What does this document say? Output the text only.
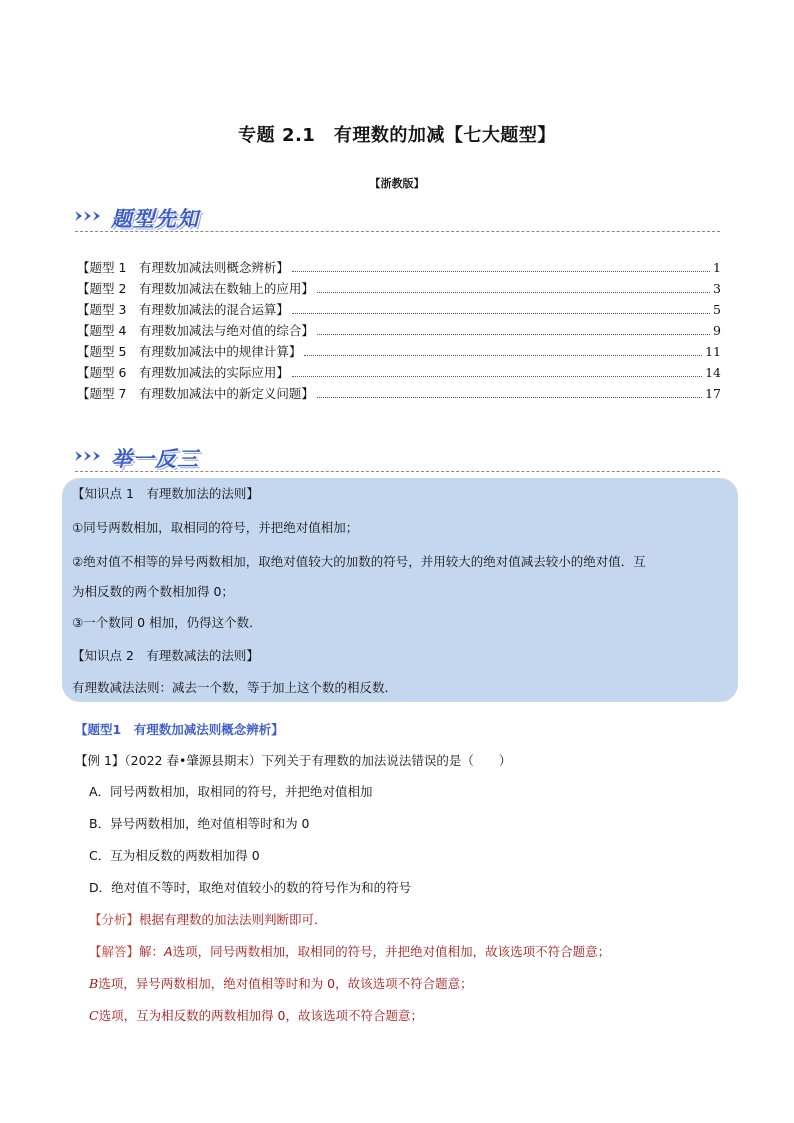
专题 2.1　有理数的加减【七大题型】
【浙教版】
题型先知
【题型 1　有理数加减法则概念辨析】	1
【题型 2　有理数加减法在数轴上的应用】	3
【题型 3　有理数加减法的混合运算】	5
【题型 4　有理数加减法与绝对值的综合】	9
【题型 5　有理数加减法中的规律计算】	11
【题型 6　有理数加减法的实际应用】	14
【题型 7　有理数加减法中的新定义问题】	17
举一反三
【知识点 1　有理数加法的法则】
①同号两数相加，取相同的符号，并把绝对值相加；
②绝对值不相等的异号两数相加，取绝对值较大的加数的符号，并用较大的绝对值减去较小的绝对值．互
为相反数的两个数相加得 0；
③一个数同 0 相加，仍得这个数．
【知识点 2　有理数减法的法则】
有理数减法法则：减去一个数，等于加上这个数的相反数．
【题型1　有理数加减法则概念辨析】
【例 1】（2022 春•肇源县期末）下列关于有理数的加法说法错误的是（　　）
A．同号两数相加，取相同的符号，并把绝对值相加
B．异号两数相加，绝对值相等时和为 0
C．互为相反数的两数相加得 0
D．绝对值不等时，取绝对值较小的数的符号作为和的符号
【分析】根据有理数的加法法则判断即可．
【解答】解：A选项，同号两数相加，取相同的符号，并把绝对值相加，故该选项不符合题意；
B选项，异号两数相加，绝对值相等时和为 0，故该选项不符合题意；
C选项，互为相反数的两数相加得 0，故该选项不符合题意；
